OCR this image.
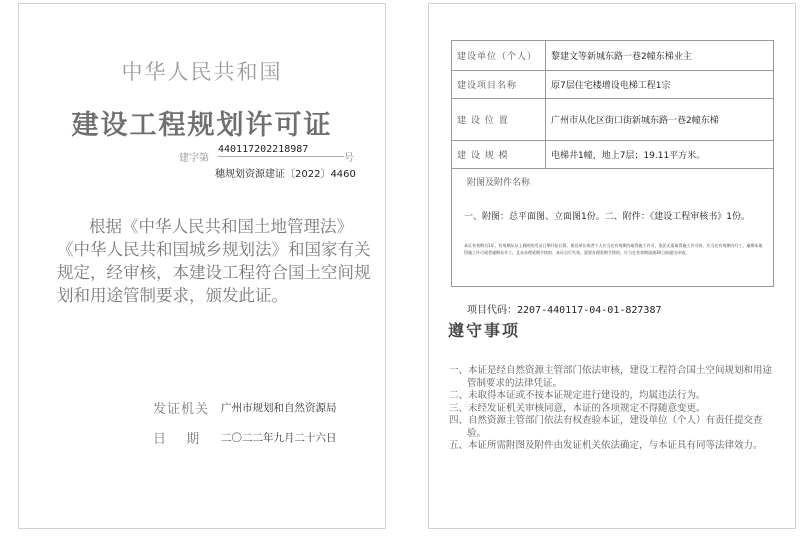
中华人民共和国
建设工程规划许可证
建字第
440117202218987
号
穗规划资源建证〔2022〕4460
根据《中华人民共和国土地管理法》《中华人民共和国城乡规划法》和国家有关规定，经审核，本建设工程符合国土空间规划和用途管制要求，颁发此证。
发证机关 广州市规划和自然资源局
日 期 二〇二二年九月二十六日
建设单位（个人）	黎建文等新城东路一巷2幢东梯业主
建设项目名称	原7层住宅楼增设电梯工程1宗
建 设 位 置	广州市从化区街口街新城东路一巷2幢东梯
建 设 规 模	电梯井1幢，地上7层；19.11平方米。
附图及附件名称
一、附图：总平面图、立面图1份。二、附件：《建设工程审核书》1份。
本证有效期为1年，有效期从证上载明的发证日期开始计算。建设单位或者个人应当在有效期内取得施工许可。依法无需取得施工许可的，应当在有效期内开工。逾期未取得施工许可或者逾期未开工，且未办理延期手续的，本证自行失效。需要办理延期手续的，应当在有效期届满30日前提出申请。
项目代码：2207-440117-04-01-827387
遵守事项
一、本证是经自然资源主管部门依法审核，建设工程符合国土空间规划和用途管制要求的法律凭证。
二、未取得本证或不按本证规定进行建设的，均属违法行为。
三、未经发证机关审核同意，本证的各项规定不得随意变更。
四、自然资源主管部门依法有权查验本证，建设单位（个人）有责任提交查验。
五、本证所需附图及附件由发证机关依法确定，与本证具有同等法律效力。
